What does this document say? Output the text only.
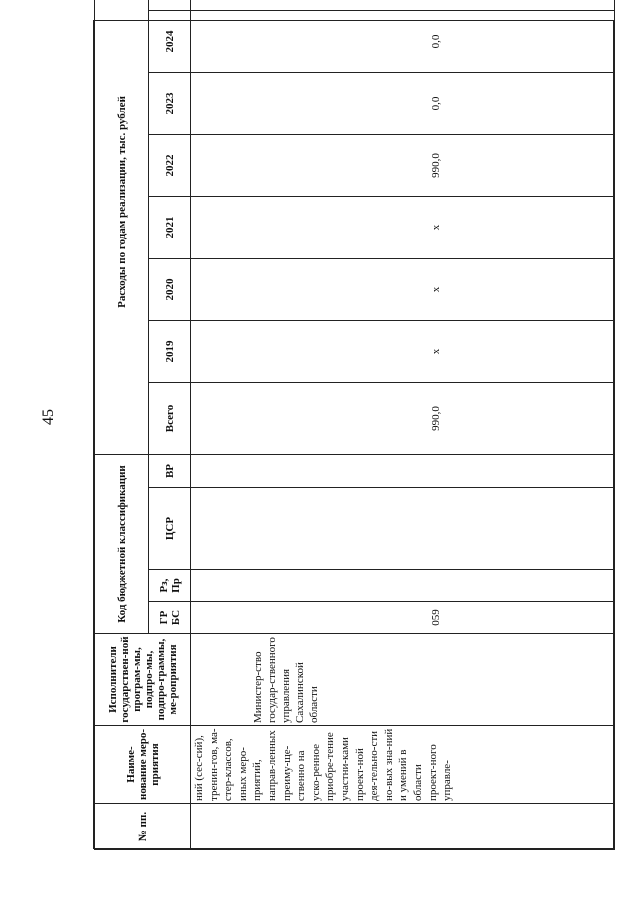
45
№ пп.	Наиме-нование меро-приятия	Исполнители государствен-ной програм-мы, подпро-мы, подпро-граммы, ме-роприятия	Код бюджетной классификации				Расходы по годам реализации, тыс. рублей							
			ГР БС	Рз, Пр	ЦСР	ВР	Всего	2019	2020	2021	2022	2023	2024	
	ний (сес-сий), тренин-гов, ма-стер-классов, иных меро-приятий, направ-ленных преиму-ще-ственно на уско-ренное приобре-тение участни-ками проект-ной дея-тельно-сти но-вых зна-ний и умений в области проект-ного управле-	Министер-ство государ-ственного управления Сахалинской области	059				990,0	х	х	х	990,0	0,0	0,0	
